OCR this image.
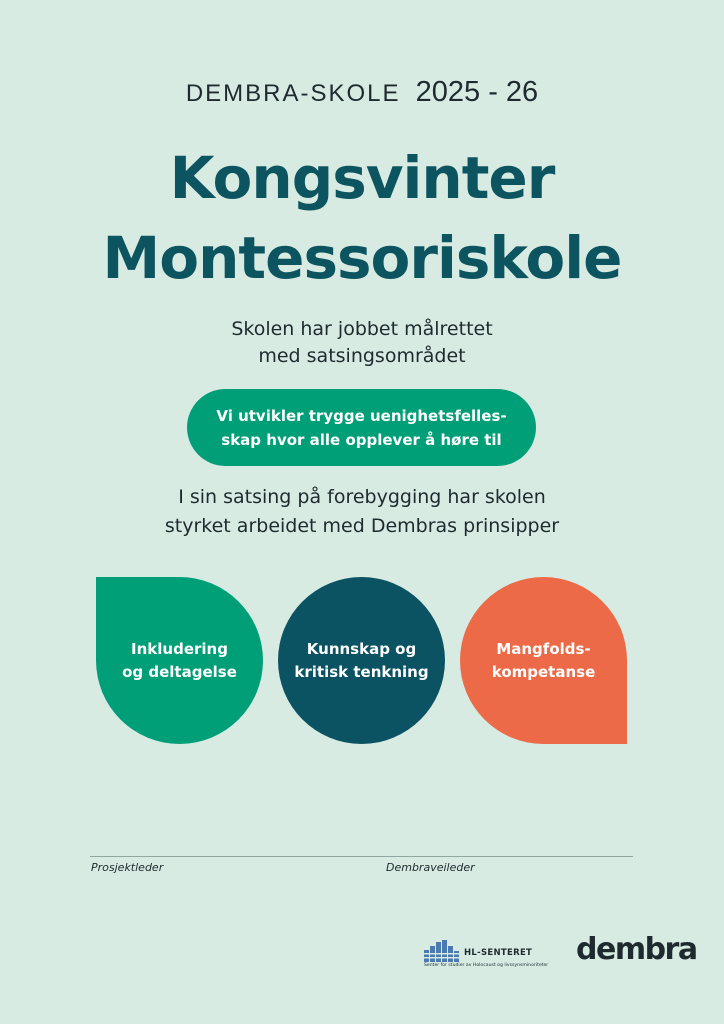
DEMBRA-SKOLE 2025 - 26
Kongsvinter
Montessoriskole
Skolen har jobbet målrettet
med satsingsområdet
Vi utvikler trygge uenighetsfelles-
skap hvor alle opplever å høre til
I sin satsing på forebygging har skolen
styrket arbeidet med Dembras prinsipper
Inkludering
og deltagelse
Kunnskap og
kritisk tenkning
Mangfolds-
kompetanse
Prosjektleder	Dembraveileder
HL-SENTERET
Senter for studier av Holocaust og livssynsminoriteter dembra
